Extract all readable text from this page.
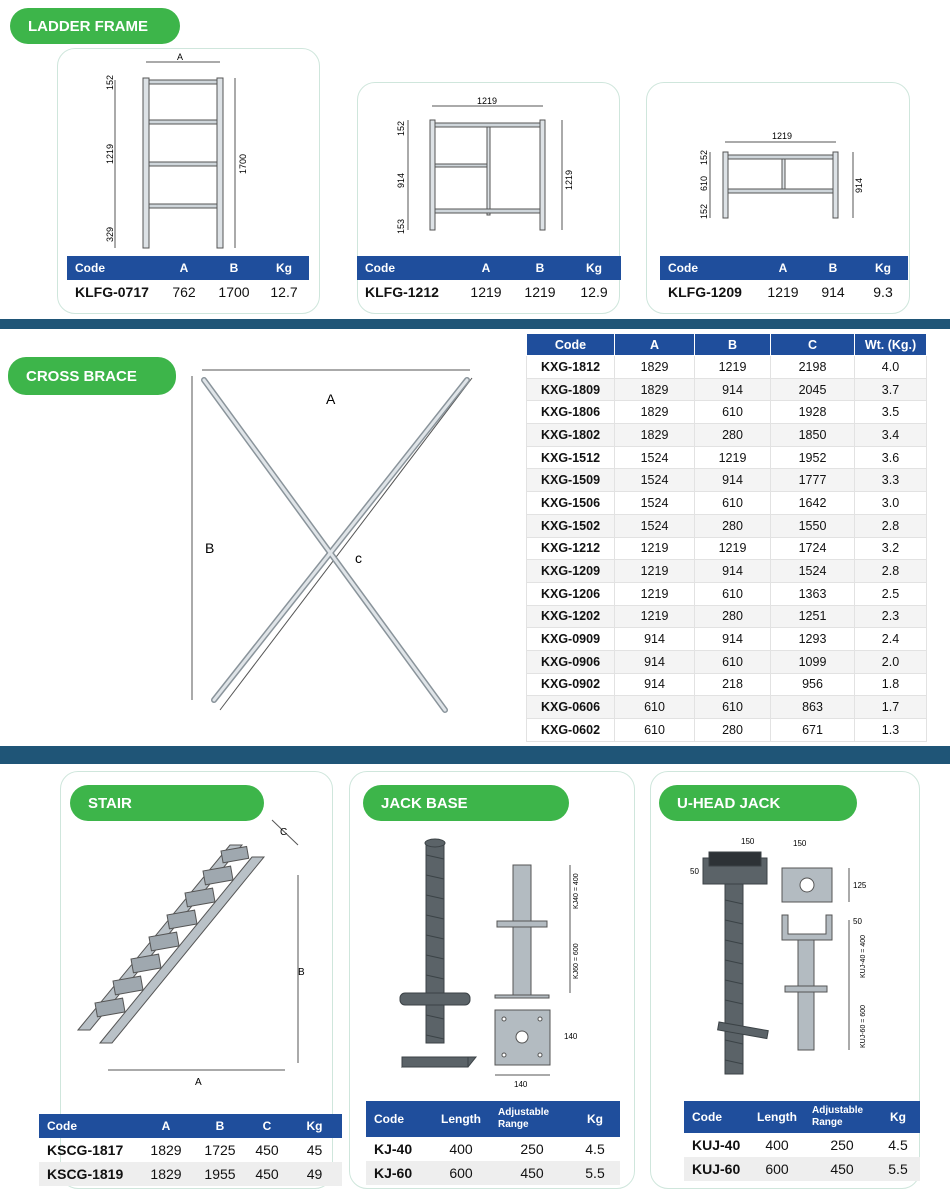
LADDER FRAME
A
152
1219
329
1700
Code	A	B	Kg
KLFG-0717	762	1700	12.7
1219
152
914
153
1219
Code	A	B	Kg
KLFG-1212	1219	1219	12.9
1219
152
610
152
914
Code	A	B	Kg
KLFG-1209	1219	914	9.3
CROSS BRACE
A
B
c
Code	A	B	C	Wt. (Kg.)
KXG-1812	1829	1219	2198	4.0
KXG-1809	1829	914	2045	3.7
KXG-1806	1829	610	1928	3.5
KXG-1802	1829	280	1850	3.4
KXG-1512	1524	1219	1952	3.6
KXG-1509	1524	914	1777	3.3
KXG-1506	1524	610	1642	3.0
KXG-1502	1524	280	1550	2.8
KXG-1212	1219	1219	1724	3.2
KXG-1209	1219	914	1524	2.8
KXG-1206	1219	610	1363	2.5
KXG-1202	1219	280	1251	2.3
KXG-0909	914	914	1293	2.4
KXG-0906	914	610	1099	2.0
KXG-0902	914	218	956	1.8
KXG-0606	610	610	863	1.7
KXG-0602	610	280	671	1.3
STAIR
A
B
C
Code	A	B	C	Kg
KSCG-1817	1829	1725	450	45
KSCG-1819	1829	1955	450	49
JACK BASE
KJ40 = 400
KJ60 = 600
140
140
Code	Length	Adjustable Range	Kg
KJ-40	400	250	4.5
KJ-60	600	450	5.5
U-HEAD JACK
150	150
50
125
50
KUJ-40 = 400
KUJ-60 = 600
Code	Length	Adjustable Range	Kg
KUJ-40	400	250	4.5
KUJ-60	600	450	5.5
